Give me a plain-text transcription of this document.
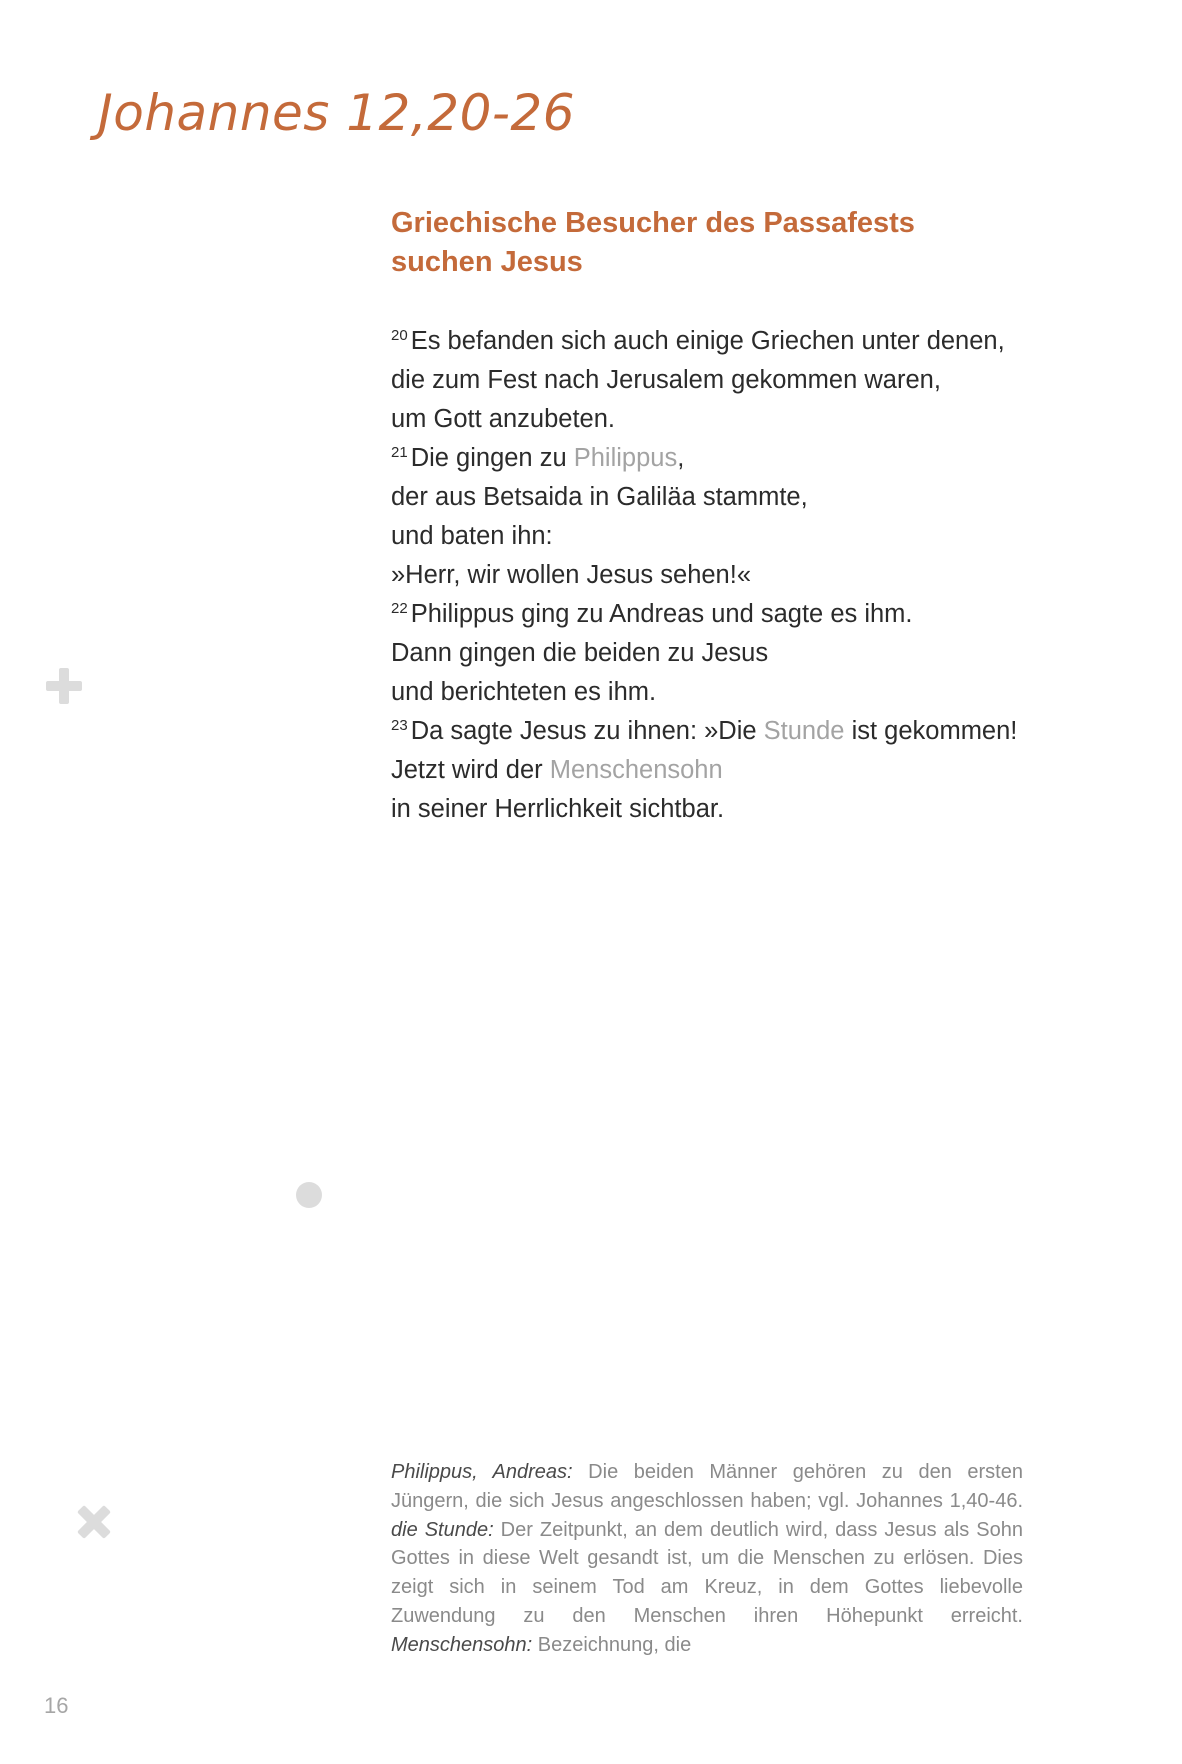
Johannes 12,20-26
Griechische Besucher des Passafests suchen Jesus
$^{20}$ Es befanden sich auch einige Griechen unter denen,
die zum Fest nach Jerusalem gekommen waren,
um Gott anzubeten.
$^{21}$ Die gingen zu Philippus,
der aus Betsaida in Galiläa stammte,
und baten ihn:
»Herr, wir wollen Jesus sehen!«
$^{22}$ Philippus ging zu Andreas und sagte es ihm.
Dann gingen die beiden zu Jesus
und berichteten es ihm.
$^{23}$ Da sagte Jesus zu ihnen: »Die Stunde ist gekommen!
Jetzt wird der Menschensohn
in seiner Herrlichkeit sichtbar.
Philippus, Andreas: Die beiden Männer gehören zu den ersten Jüngern, die sich Jesus angeschlossen haben; vgl. Johannes 1,40-46. die Stunde: Der Zeitpunkt, an dem deutlich wird, dass Jesus als Sohn Gottes in diese Welt gesandt ist, um die Menschen zu erlösen. Dies zeigt sich in seinem Tod am Kreuz, in dem Gottes liebevolle Zuwendung zu den Menschen ihren Höhepunkt erreicht. Menschensohn: Bezeichnung, die
16
